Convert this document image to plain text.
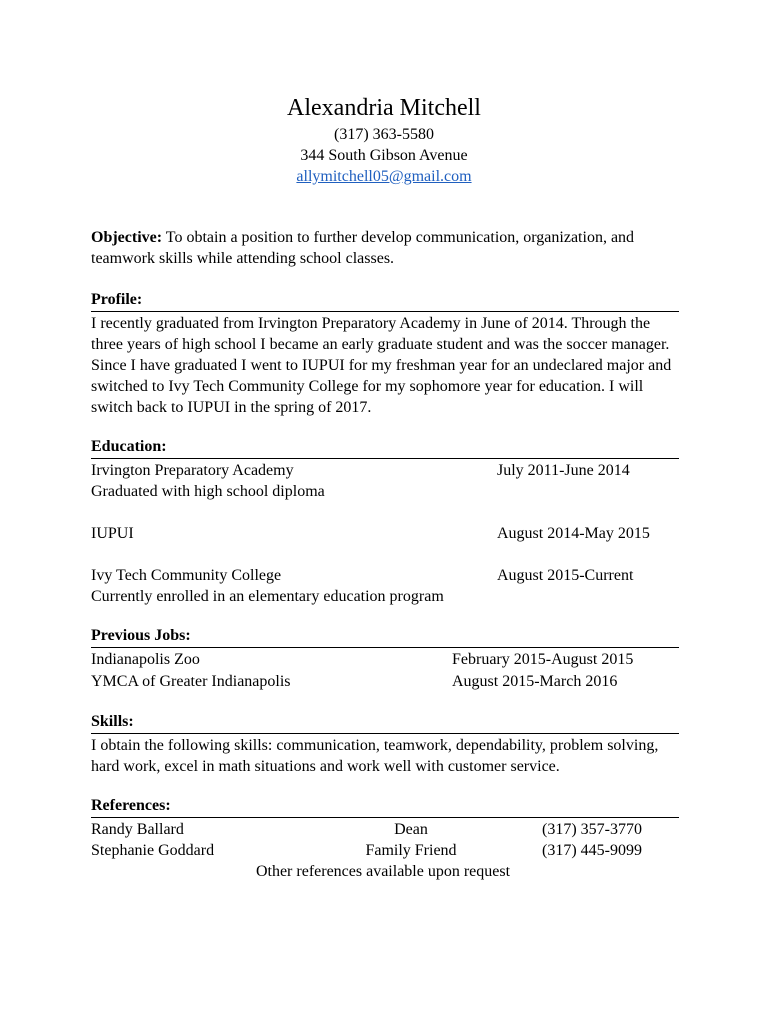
Alexandria Mitchell
(317) 363-5580
344 South Gibson Avenue
allymitchell05@gmail.com
Objective: To obtain a position to further develop communication, organization, and teamwork skills while attending school classes.
Profile:
I recently graduated from Irvington Preparatory Academy in June of 2014. Through the three years of high school I became an early graduate student and was the soccer manager. Since I have graduated I went to IUPUI for my freshman year for an undeclared major and switched to Ivy Tech Community College for my sophomore year for education. I will switch back to IUPUI in the spring of 2017.
Education:
Irvington Preparatory Academy	July 2011-June 2014
Graduated with high school diploma
IUPUI	August 2014-May 2015
Ivy Tech Community College	August 2015-Current
Currently enrolled in an elementary education program
Previous Jobs:
Indianapolis Zoo	February 2015-August 2015
YMCA of Greater Indianapolis	August 2015-March 2016
Skills:
I obtain the following skills: communication, teamwork, dependability, problem solving, hard work, excel in math situations and work well with customer service.
References:
Randy Ballard	Dean	(317) 357-3770
Stephanie Goddard	Family Friend	(317) 445-9099
Other references available upon request
